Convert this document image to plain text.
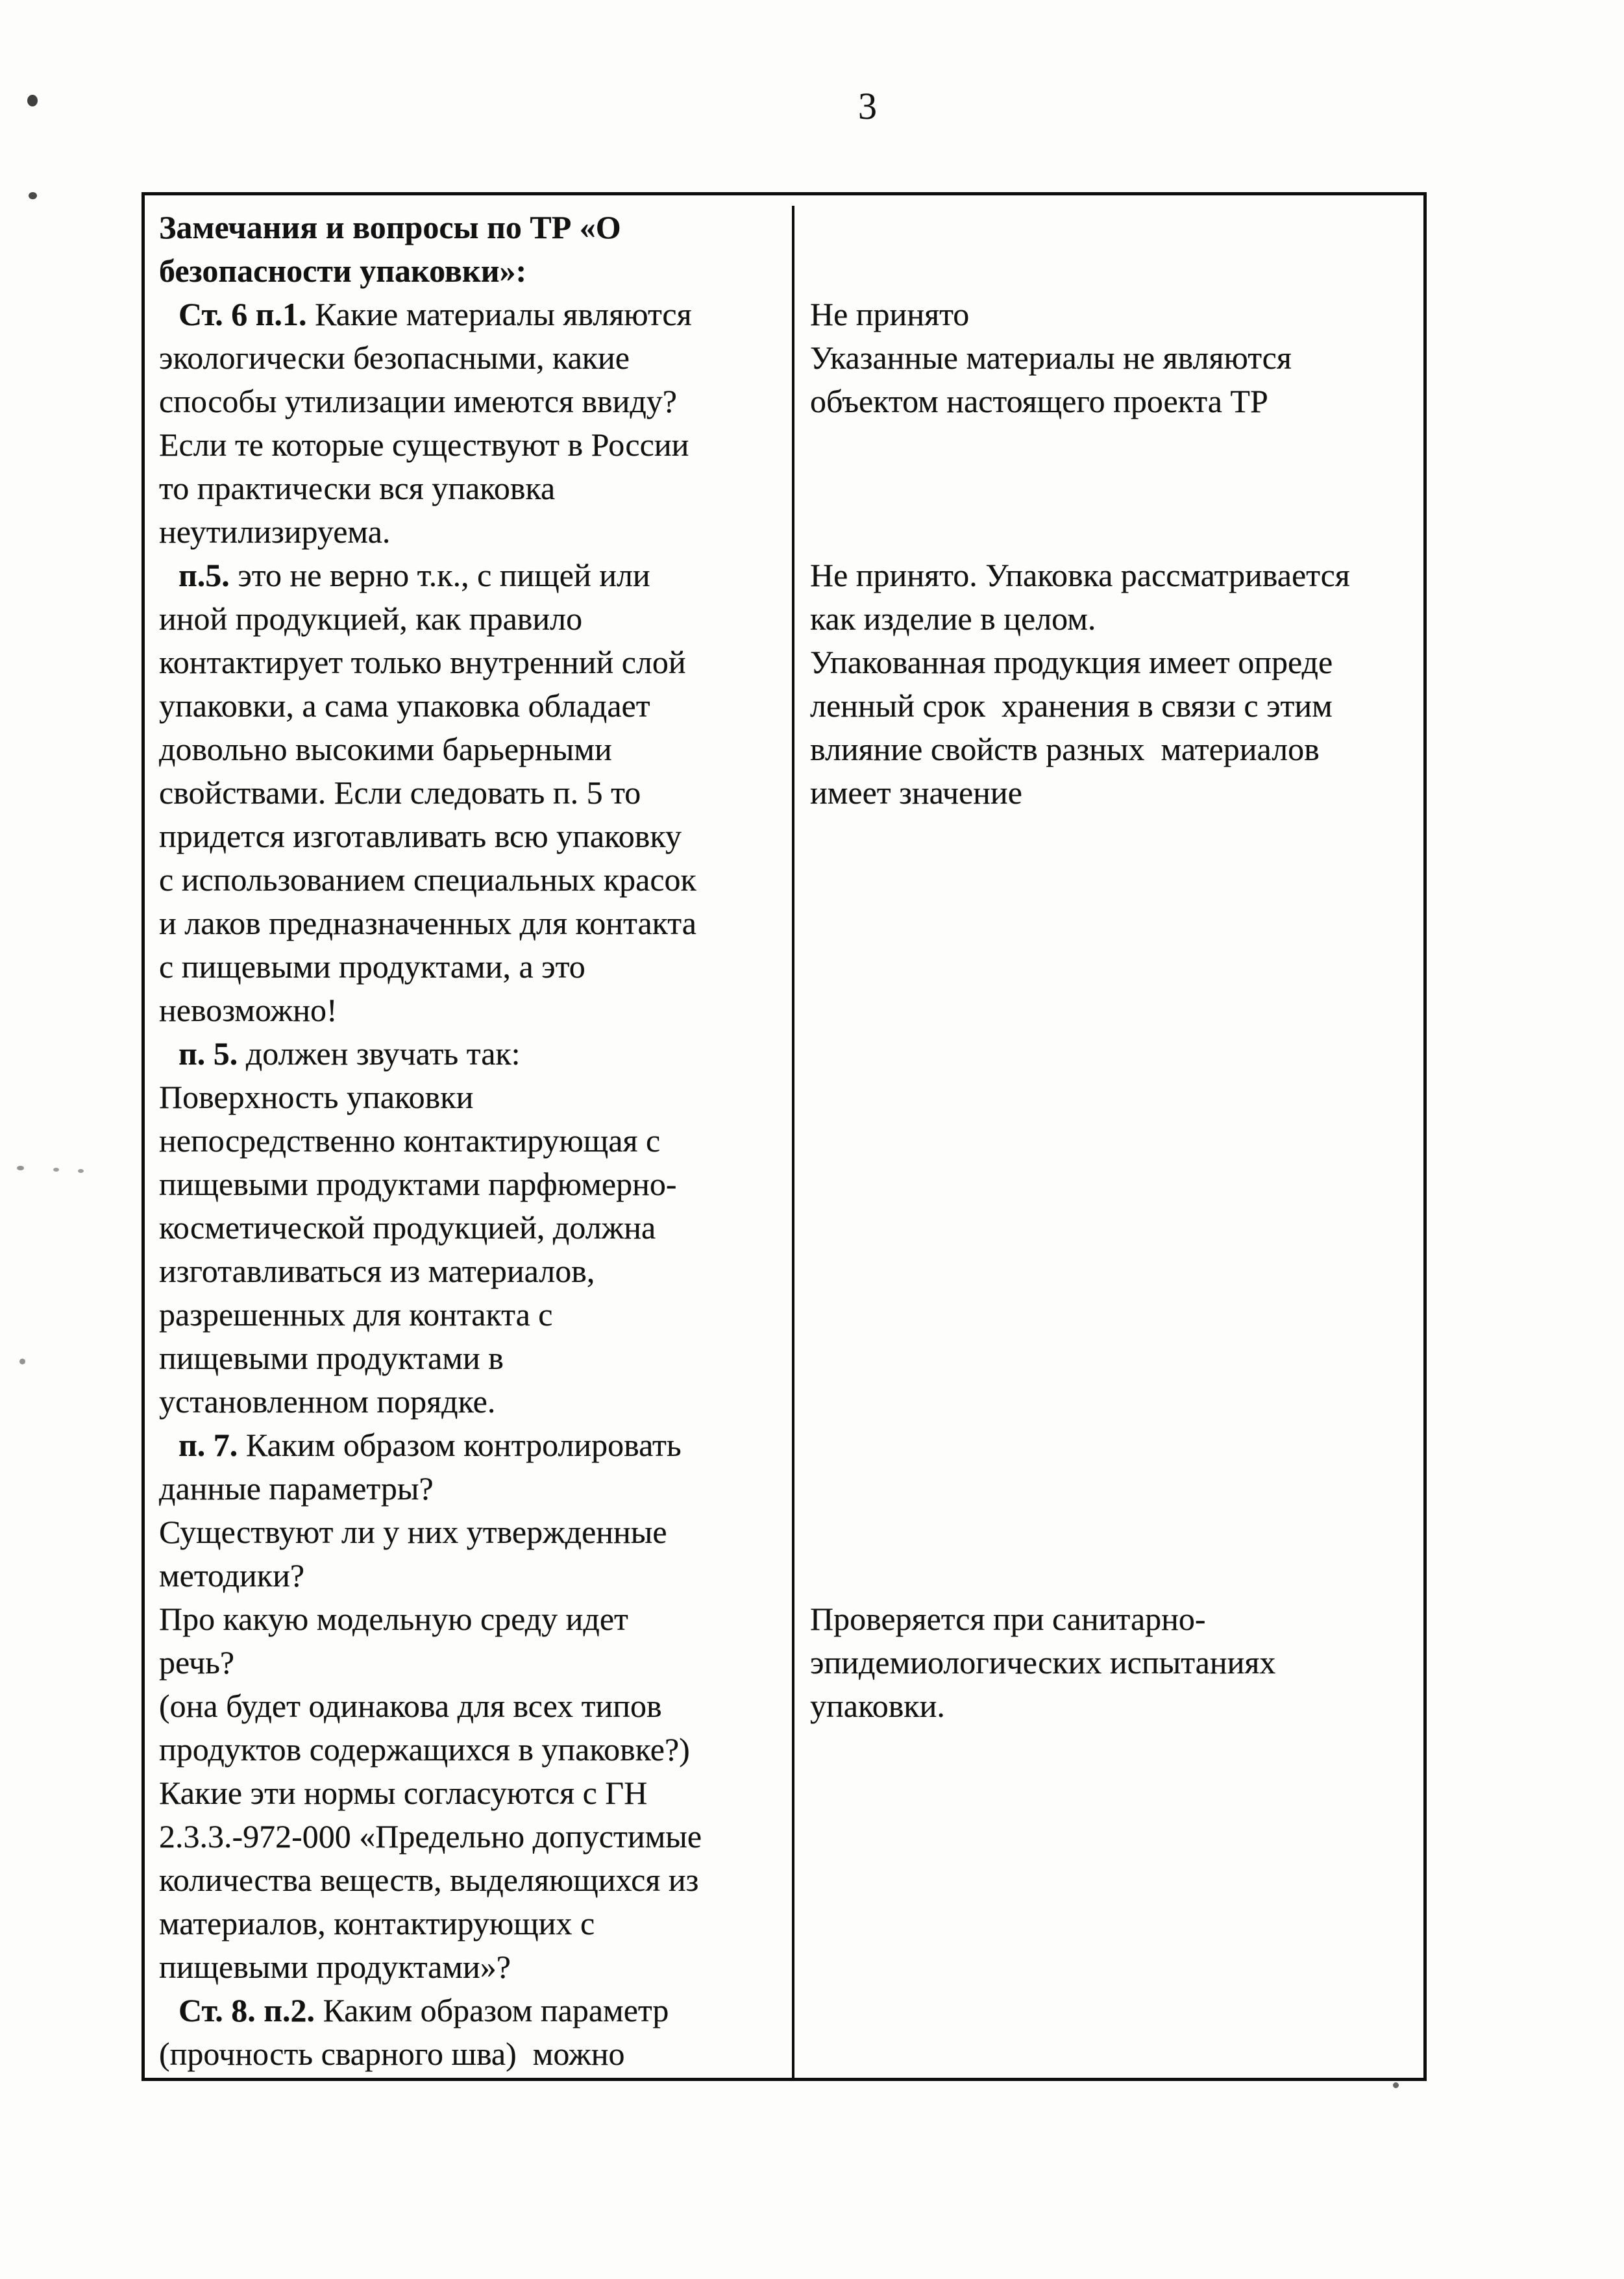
3
Замечания и вопросы по ТР «О
безопасности упаковки»:
Ст. 6 п.1. Какие материалы являются
экологически безопасными, какие
способы утилизации имеются ввиду?
Если те которые существуют в России
то практически вся упаковка
неутилизируема.
Не принято
Указанные материалы не являются
объектом настоящего проекта ТР
п.5. это не верно т.к., с пищей или
иной продукцией, как правило
контактирует только внутренний слой
упаковки, а сама упаковка обладает
довольно высокими барьерными
свойствами. Если следовать п. 5 то
придется изготавливать всю упаковку
с использованием специальных красок
и лаков предназначенных для контакта
с пищевыми продуктами, а это
невозможно!
п. 5. должен звучать так:
Поверхность упаковки
непосредственно контактирующая с
пищевыми продуктами парфюмерно-
косметической продукцией, должна
изготавливаться из материалов,
разрешенных для контакта с
пищевыми продуктами в
установленном порядке.
п. 7. Каким образом контролировать
данные параметры?
Существуют ли у них утвержденные
методики?
Не принято. Упаковка рассматривается
как изделие в целом.
Упакованная продукция имеет опреде
ленный срок  хранения в связи с этим
влияние свойств разных  материалов
имеет значение
Про какую модельную среду идет
речь?
(она будет одинакова для всех типов
продуктов содержащихся в упаковке?)
Какие эти нормы согласуются с ГН
2.3.3.-972-000 «Предельно допустимые
количества веществ, выделяющихся из
материалов, контактирующих с
пищевыми продуктами»?
Ст. 8. п.2. Каким образом параметр
(прочность сварного шва)  можно
Проверяется при санитарно-
эпидемиологических испытаниях
упаковки.
